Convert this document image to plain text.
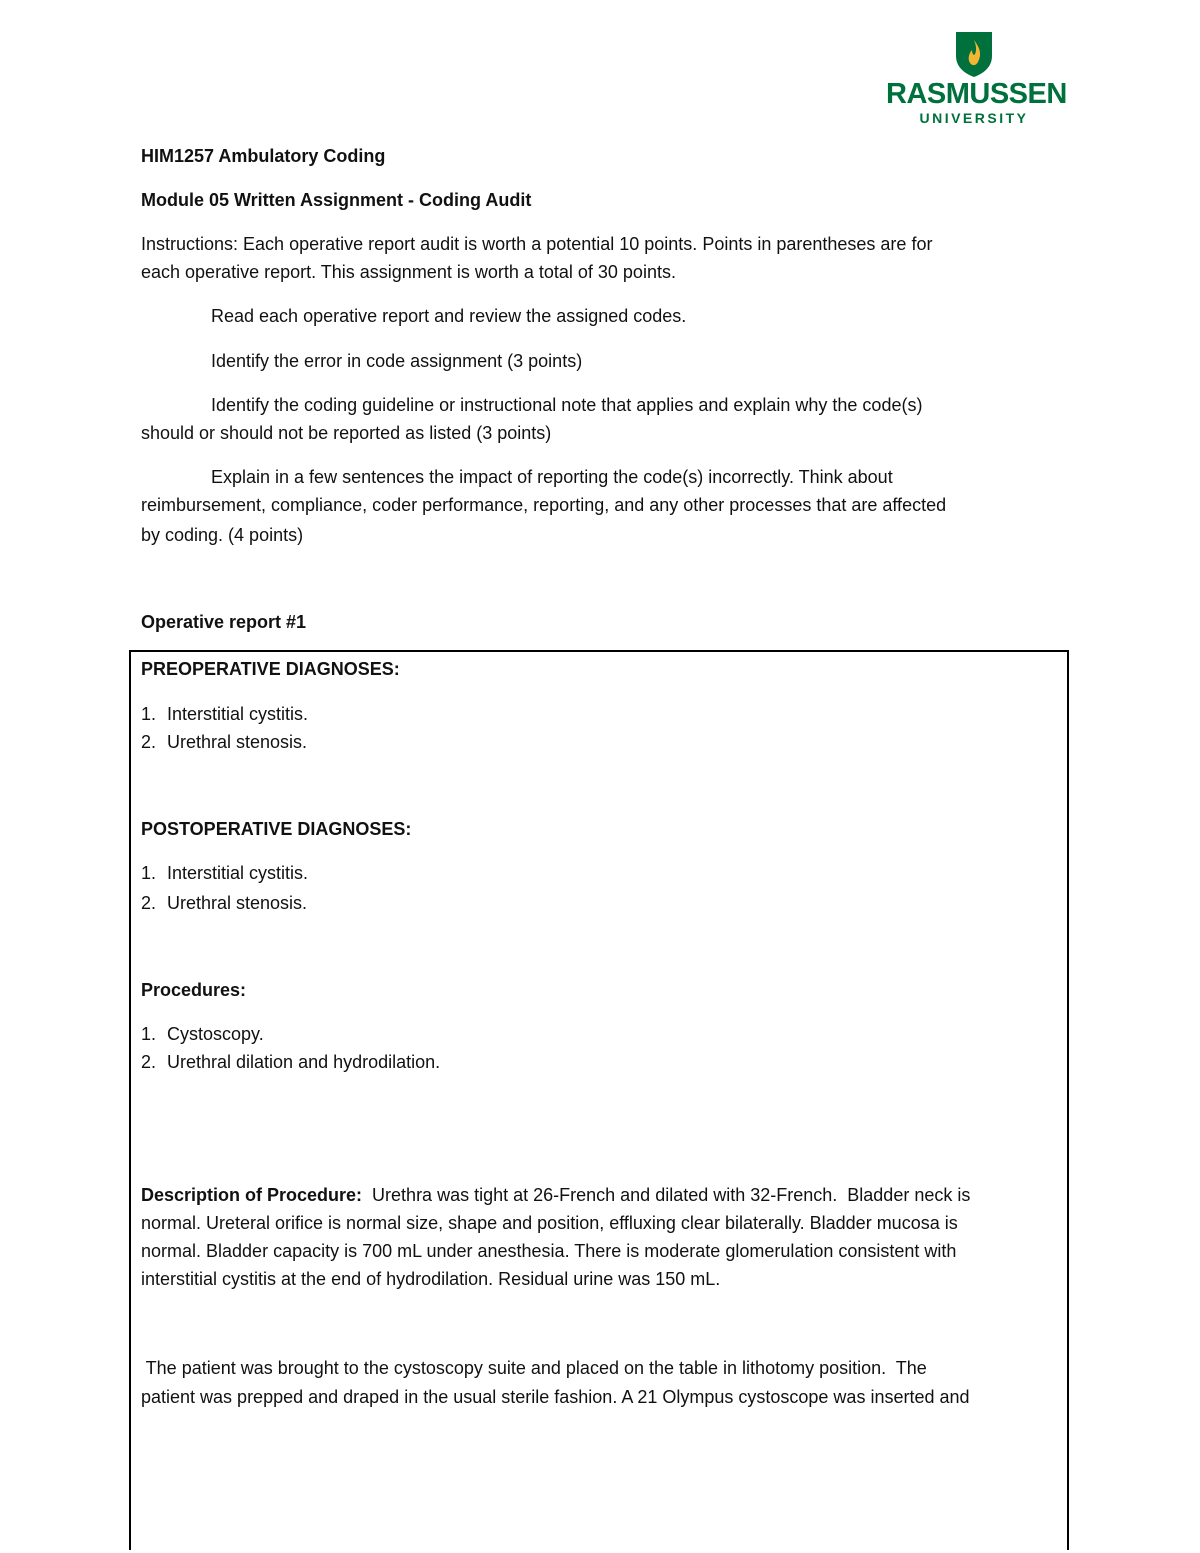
RASMUSSEN
UNIVERSITY

HIM1257 Ambulatory Coding

Module 05 Written Assignment - Coding Audit

Instructions: Each operative report audit is worth a potential 10 points. Points in parentheses are for

each operative report. This assignment is worth a total of 30 points.

Read each operative report and review the assigned codes.

Identify the error in code assignment (3 points)

Identify the coding guideline or instructional note that applies and explain why the code(s)

should or should not be reported as listed (3 points)

Explain in a few sentences the impact of reporting the code(s) incorrectly. Think about

reimbursement, compliance, coder performance, reporting, and any other processes that are affected

by coding. (4 points)

Operative report #1

PREOPERATIVE DIAGNOSES:

1. Interstitial cystitis.

2. Urethral stenosis.

POSTOPERATIVE DIAGNOSES:

1. Interstitial cystitis.

2. Urethral stenosis.

Procedures:

1. Cystoscopy.

2. Urethral dilation and hydrodilation.

Description of Procedure:  Urethra was tight at 26-French and dilated with 32-French.  Bladder neck is

normal. Ureteral orifice is normal size, shape and position, effluxing clear bilaterally. Bladder mucosa is

normal. Bladder capacity is 700 mL under anesthesia. There is moderate glomerulation consistent with

interstitial cystitis at the end of hydrodilation. Residual urine was 150 mL.

The patient was brought to the cystoscopy suite and placed on the table in lithotomy position.  The

patient was prepped and draped in the usual sterile fashion. A 21 Olympus cystoscope was inserted and
